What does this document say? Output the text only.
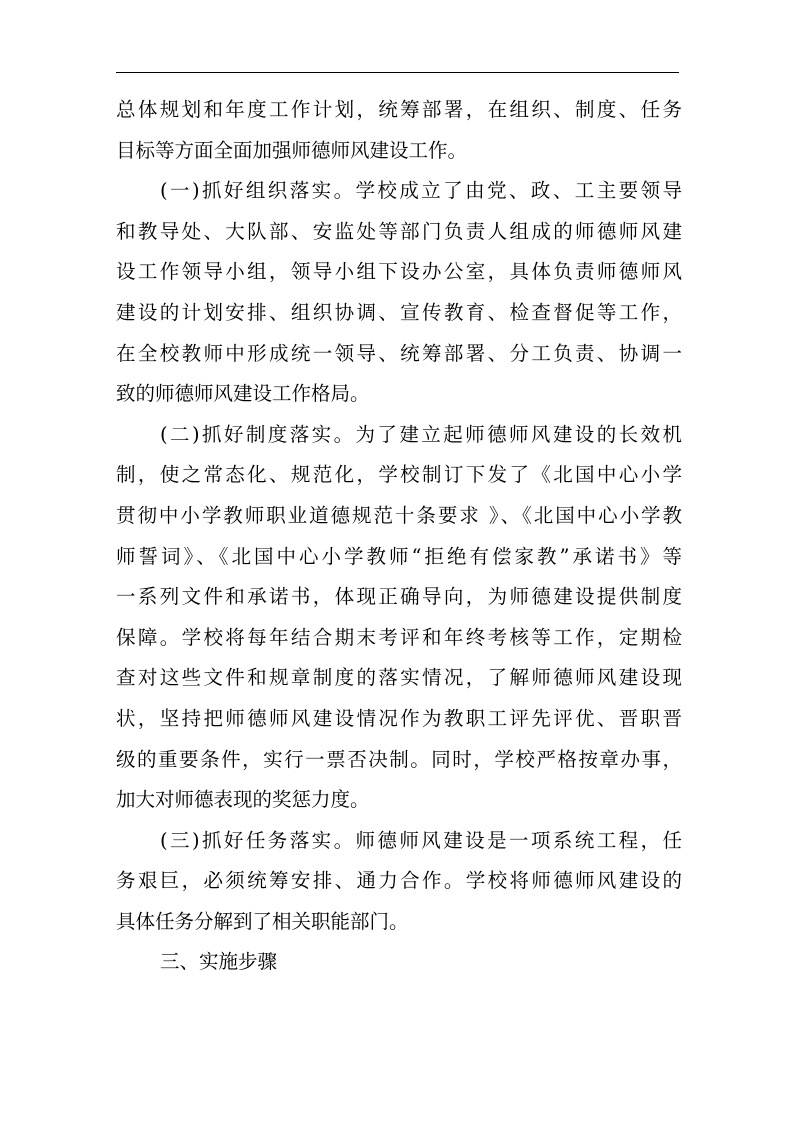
总体规划和年度工作计划，统筹部署，在组织、制度、任务
目标等方面全面加强师德师风建设工作。
(一)抓好组织落实。学校成立了由党、政、工主要领导
和教导处、大队部、安监处等部门负责人组成的师德师风建
设工作领导小组，领导小组下设办公室，具体负责师德师风
建设的计划安排、组织协调、宣传教育、检查督促等工作，
在全校教师中形成统一领导、统筹部署、分工负责、协调一
致的师德师风建设工作格局。
(二)抓好制度落实。为了建立起师德师风建设的长效机
制，使之常态化、规范化，学校制订下发了《北国中心小学
贯彻中小学教师职业道德规范十条要求 》、《北国中心小学教
师誓词》、《北国中心小学教师“拒绝有偿家教”承诺书》等
一系列文件和承诺书，体现正确导向，为师德建设提供制度
保障。学校将每年结合期末考评和年终考核等工作，定期检
查对这些文件和规章制度的落实情况，了解师德师风建设现
状，坚持把师德师风建设情况作为教职工评先评优、晋职晋
级的重要条件，实行一票否决制。同时，学校严格按章办事，
加大对师德表现的奖惩力度。
(三)抓好任务落实。师德师风建设是一项系统工程，任
务艰巨，必须统筹安排、通力合作。学校将师德师风建设的
具体任务分解到了相关职能部门。
三、实施步骤
